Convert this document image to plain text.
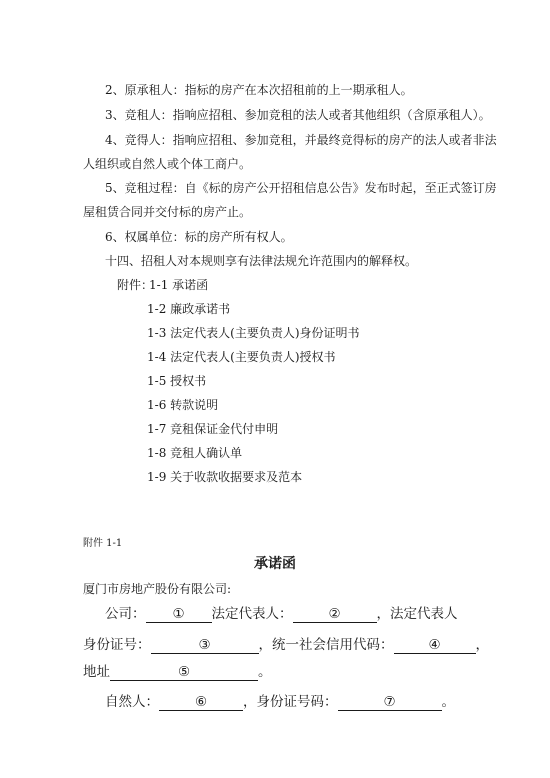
2、原承租人：指标的房产在本次招租前的上一期承租人。
3、竞租人：指响应招租、参加竞租的法人或者其他组织（含原承租人）。
4、竞得人：指响应招租、参加竞租，并最终竞得标的房产的法人或者非法
人组织或自然人或个体工商户。
5、竞租过程：自《标的房产公开招租信息公告》发布时起，至正式签订房
屋租赁合同并交付标的房产止。
6、权属单位：标的房产所有权人。
十四、招租人对本规则享有法律法规允许范围内的解释权。
附件：
1-1 承诺函
1-2 廉政承诺书
1-3 法定代表人(主要负责人)身份证明书
1-4 法定代表人(主要负责人)授权书
1-5 授权书
1-6 转款说明
1-7 竞租保证金代付申明
1-8 竞租人确认单
1-9 关于收款收据要求及范本
附件 1-1
承诺函
厦门市房地产股份有限公司:
公司： ① 法定代表人：	②	，法定代表人
身份证号：	③	，统一社会信用代码：	④	，
地址	⑤	。
自然人：	⑥	，身份证号码：	⑦	。
